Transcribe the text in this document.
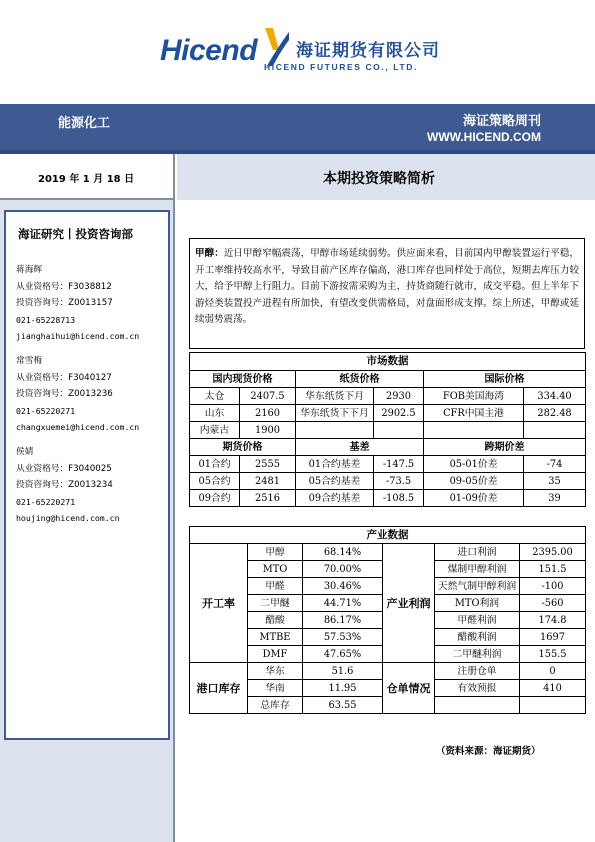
Hicend 海证期货有限公司
HICEND FUTURES CO., LTD.
能源化工	海证策略周刊
WWW.HICEND.COM
2019 年 1 月 18 日	本期投资策略简析
海证研究丨投资咨询部
蒋海辉
从业资格号：F3038812
投资咨询号：Z0013157
021-65228713
jianghaihui@hicend.com.cn
常雪梅
从业资格号：F3040127
投资咨询号：Z0013236
021-65220271
changxuemei@hicend.com.cn
侯婧
从业资格号：F3040025
投资咨询号：Z0013234
021-65220271
houjing@hicend.com.cn
甲醇：近日甲醇窄幅震荡，甲醇市场延续弱势。供应面来看，目前国内甲醇装置运行平稳，开工率维持较高水平，导致目前产区库存偏高，港口库存也同样处于高位，短期去库压力较大，给予甲醇上行阻力。目前下游按需采购为主，持货商随行就市，成交平稳。但上半年下游烃类装置投产进程有所加快，有望改变供需格局，对盘面形成支撑。综上所述，甲醇或延续弱势震荡。
市场数据					
国内现货价格		纸货价格		国际价格	
太仓	2407.5	华东纸货下月	2930	FOB美国海湾	334.40
山东	2160	华东纸货下下月	2902.5	CFR中国主港	282.48
内蒙古	1900				
期货价格		基差		跨期价差	
01合约	2555	01合约基差	-147.5	05-01价差	-74
05合约	2481	05合约基差	-73.5	09-05价差	35
09合约	2516	09合约基差	-108.5	01-09价差	39
产业数据					
开工率	甲醇	68.14%	产业利润	进口利润	2395.00
	MTO	70.00%		煤制甲醇利润	151.5
	甲醛	30.46%		天然气制甲醇利润	-100
	二甲醚	44.71%		MTO利润	-560
	醋酸	86.17%		甲醛利润	174.8
	MTBE	57.53%		醋酸利润	1697
	DMF	47.65%		二甲醚利润	155.5
港口库存	华东	51.6	仓单情况	注册仓单	0
	华南	11.95		有效预报	410
	总库存	63.55			
（资料来源：海证期货）
